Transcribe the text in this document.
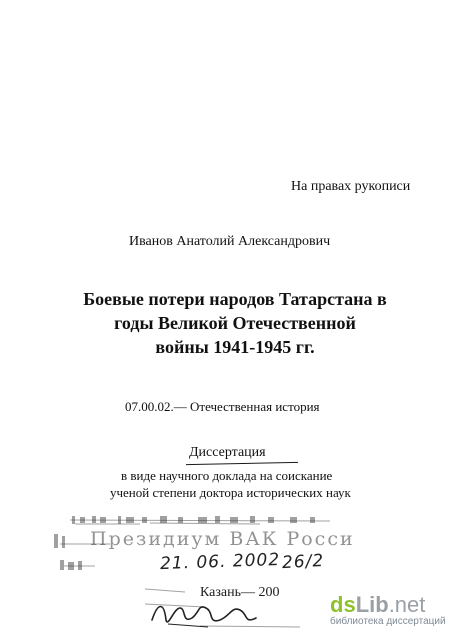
На правах рукописи
Иванов Анатолий Александрович
Боевые потери народов Татарстана в
годы Великой Отечественной
войны 1941-1945 гг.
07.00.02.— Отечественная история
Диссертация
в виде научного доклада на соискание
ученой степени доктора исторических наук
Президиум ВАК Росси
21. 06. 2002 26/2
Казань— 200 ds Lib .net
библиотека диссертаций
